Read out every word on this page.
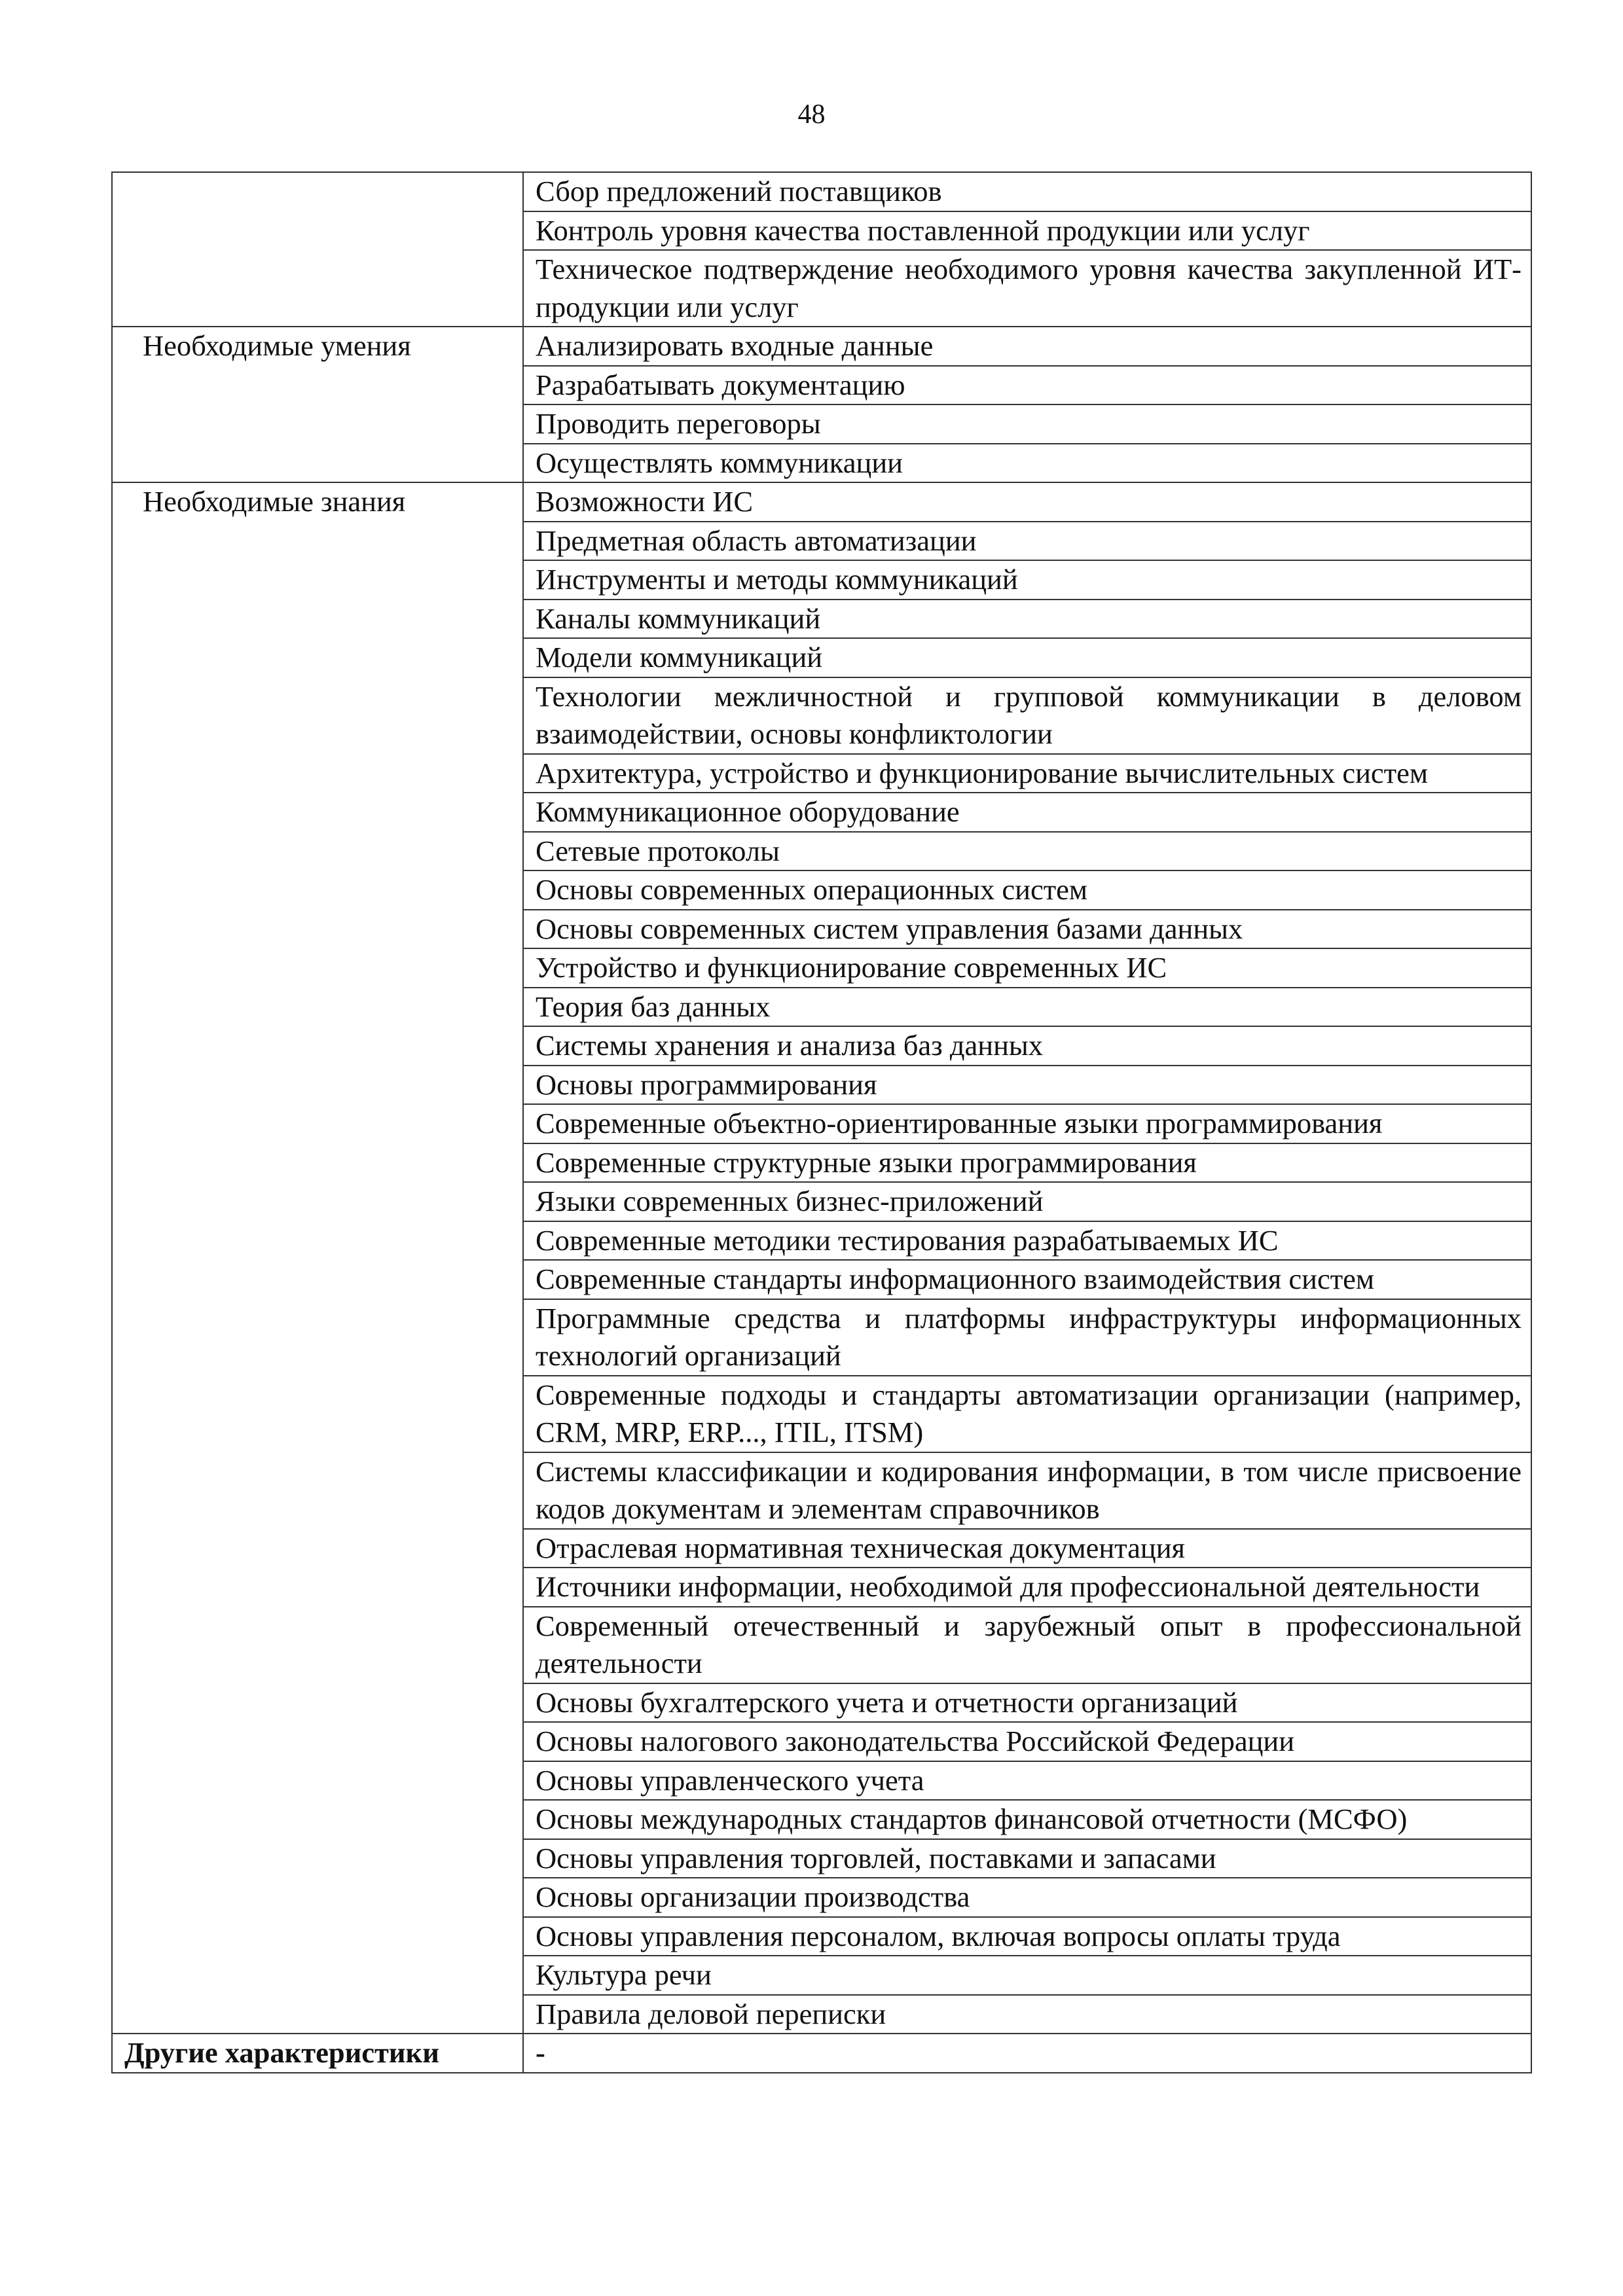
48
	Сбор предложений поставщиков
	Контроль уровня качества поставленной продукции или услуг
	Техническое подтверждение необходимого уровня качества закупленной ИТ-продукции или услуг
Необходимые умения	Анализировать входные данные
	Разрабатывать документацию
	Проводить переговоры
	Осуществлять коммуникации
Необходимые знания	Возможности ИС
	Предметная область автоматизации
	Инструменты и методы коммуникаций
	Каналы коммуникаций
	Модели коммуникаций
	Технологии межличностной и групповой коммуникации в деловом взаимодействии, основы конфликтологии
	Архитектура, устройство и функционирование вычислительных систем
	Коммуникационное оборудование
	Сетевые протоколы
	Основы современных операционных систем
	Основы современных систем управления базами данных
	Устройство и функционирование современных ИС
	Теория баз данных
	Системы хранения и анализа баз данных
	Основы программирования
	Современные объектно-ориентированные языки программирования
	Современные структурные языки программирования
	Языки современных бизнес-приложений
	Современные методики тестирования разрабатываемых ИС
	Современные стандарты информационного взаимодействия систем
	Программные средства и платформы инфраструктуры информационных технологий организаций
	Современные подходы и стандарты автоматизации организации (например, CRM, MRP, ERP..., ITIL, ITSM)
	Системы классификации и кодирования информации, в том числе присвоение кодов документам и элементам справочников
	Отраслевая нормативная техническая документация
	Источники информации, необходимой для профессиональной деятельности
	Современный отечественный и зарубежный опыт в профессиональной деятельности
	Основы бухгалтерского учета и отчетности организаций
	Основы налогового законодательства Российской Федерации
	Основы управленческого учета
	Основы международных стандартов финансовой отчетности (МСФО)
	Основы управления торговлей, поставками и запасами
	Основы организации производства
	Основы управления персоналом, включая вопросы оплаты труда
	Культура речи
	Правила деловой переписки
Другие характеристики	-
